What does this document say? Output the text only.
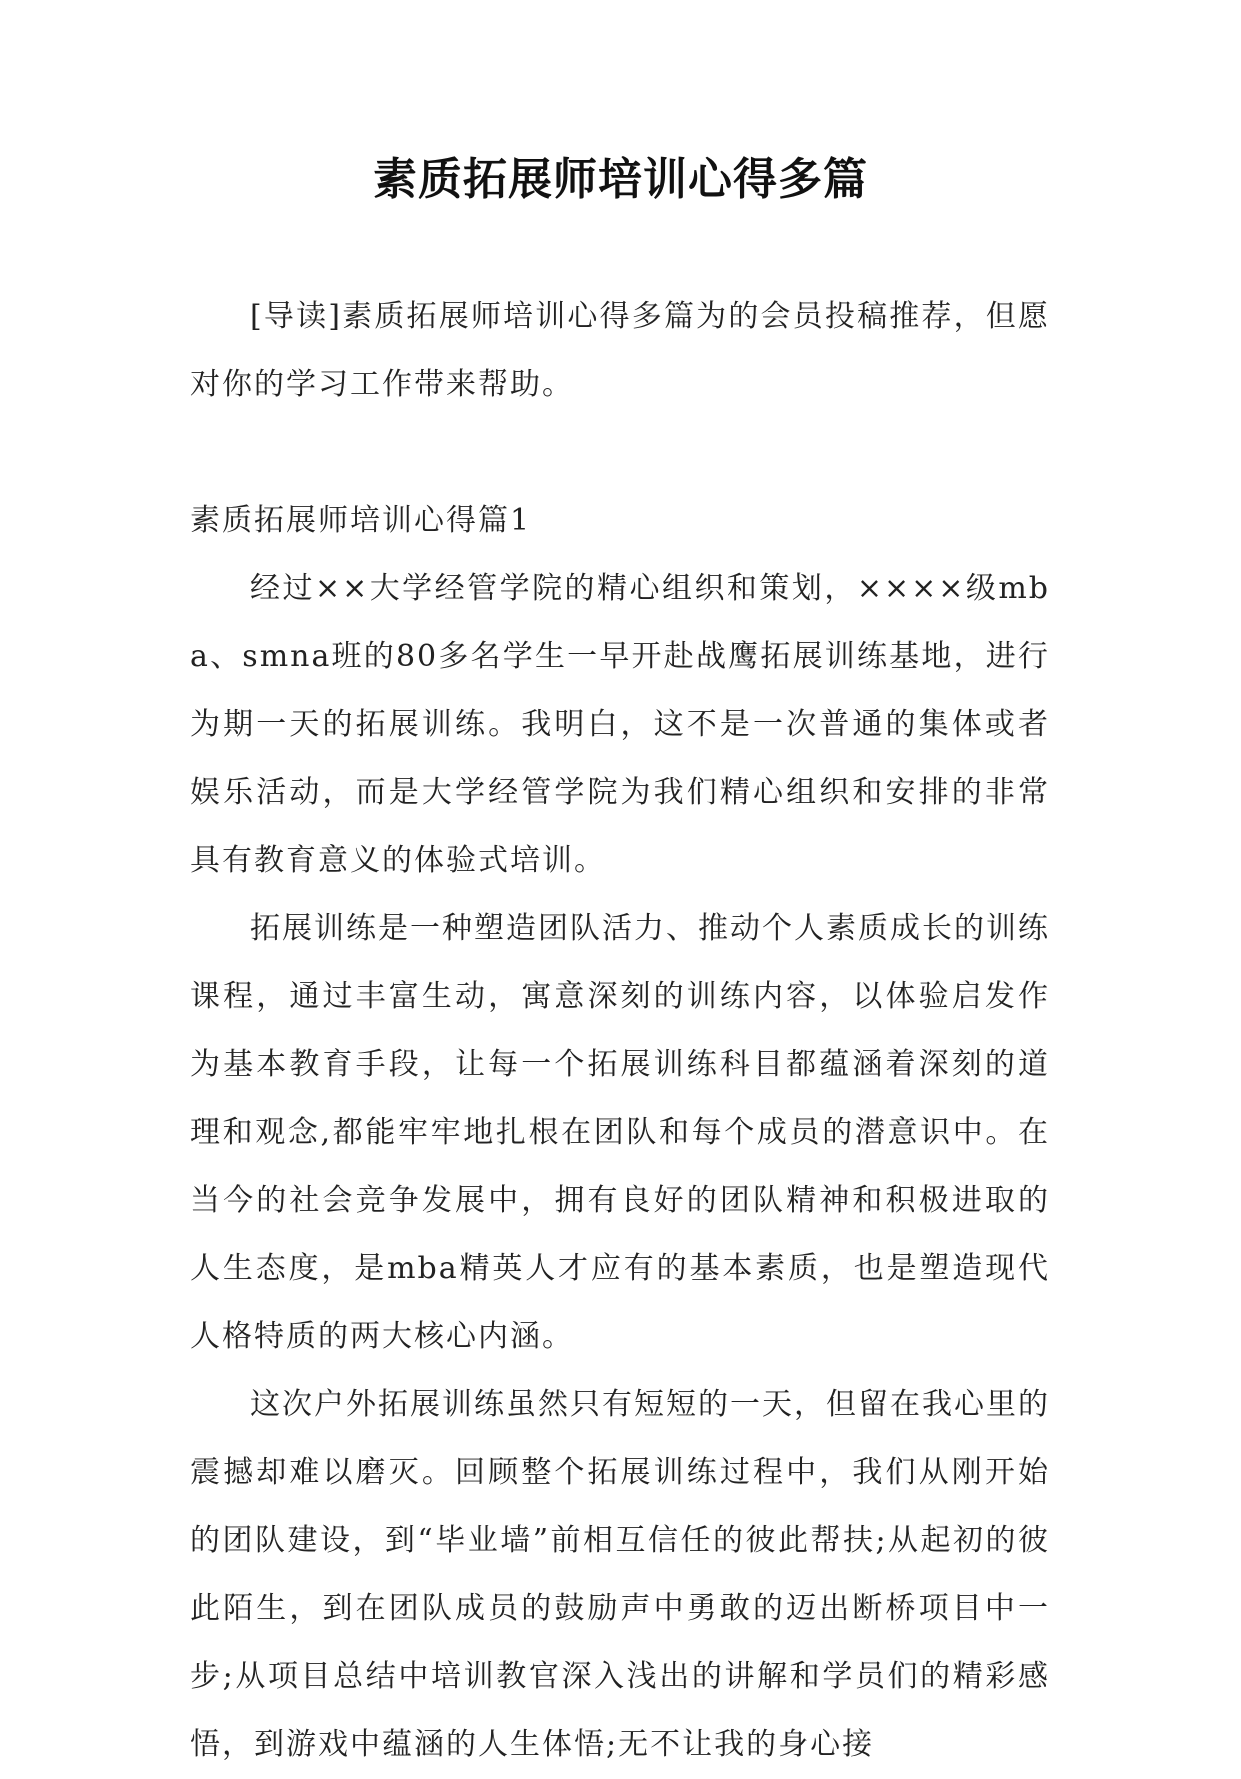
素质拓展师培训心得多篇

[导读]素质拓展师培训心得多篇为的会员投稿推荐，但愿对你的学习工作带来帮助。

素质拓展师培训心得篇1

经过××大学经管学院的精心组织和策划，××××级mba、smna班的80多名学生一早开赴战鹰拓展训练基地，进行为期一天的拓展训练。我明白，这不是一次普通的集体或者娱乐活动，而是大学经管学院为我们精心组织和安排的非常具有教育意义的体验式培训。

拓展训练是一种塑造团队活力、推动个人素质成长的训练课程，通过丰富生动，寓意深刻的训练内容，以体验启发作为基本教育手段，让每一个拓展训练科目都蕴涵着深刻的道理和观念,都能牢牢地扎根在团队和每个成员的潜意识中。在当今的社会竞争发展中，拥有良好的团队精神和积极进取的人生态度，是mba精英人才应有的基本素质，也是塑造现代人格特质的两大核心内涵。

这次户外拓展训练虽然只有短短的一天，但留在我心里的震撼却难以磨灭。回顾整个拓展训练过程中，我们从刚开始的团队建设，到“毕业墙”前相互信任的彼此帮扶;从起初的彼此陌生，到在团队成员的鼓励声中勇敢的迈出断桥项目中一步;从项目总结中培训教官深入浅出的讲解和学员们的精彩感悟，到游戏中蕴涵的人生体悟;无不让我的身心接
